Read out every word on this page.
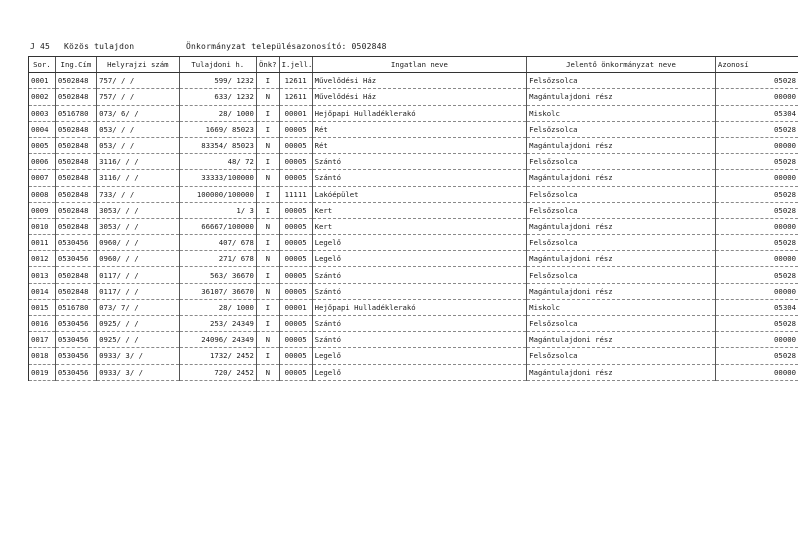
J 45

Közös tulajdon

	Önkormányzat településazonosító: 0502848

Sor.	Ing.Cím	Helyrajzi szám	Tulajdoni h.	Önk?	I.jell.	Ingatlan neve	Jelentő önkormányzat neve	Azonosí
0001	0502848	757/ / /	599/ 1232	I	12611	Művelődési Ház	Felsőzsolca	05028
0002	0502848	757/ / /	633/ 1232	N	12611	Művelődési Ház	Magántulajdoni rész	00000
0003	0516780	073/ 6/ /	28/ 1000	I	00001	Hejőpapi Hulladéklerakó	Miskolc	05304
0004	0502848	053/ / /	1669/ 85023	I	00005	Rét	Felsőzsolca	05028
0005	0502848	053/ / /	83354/ 85023	N	00005	Rét	Magántulajdoni rész	00000
0006	0502848	3116/ / /	48/ 72	I	00005	Szántó	Felsőzsolca	05028
0007	0502848	3116/ / /	33333/100000	N	00005	Szántó	Magántulajdoni rész	00000
0008	0502848	733/ / /	100000/100000	I	11111	Lakóépület	Felsőzsolca	05028
0009	0502848	3053/ / /	1/ 3	I	00005	Kert	Felsőzsolca	05028
0010	0502848	3053/ / /	66667/100000	N	00005	Kert	Magántulajdoni rész	00000
0011	0530456	0960/ / /	407/ 678	I	00005	Legelő	Felsőzsolca	05028
0012	0530456	0960/ / /	271/ 678	N	00005	Legelő	Magántulajdoni rész	00000
0013	0502848	0117/ / /	563/ 36670	I	00005	Szántó	Felsőzsolca	05028
0014	0502848	0117/ / /	36107/ 36670	N	00005	Szántó	Magántulajdoni rész	00000
0015	0516780	073/ 7/ /	28/ 1000	I	00001	Hejőpapi Hulladéklerakó	Miskolc	05304
0016	0530456	0925/ / /	253/ 24349	I	00005	Szántó	Felsőzsolca	05028
0017	0530456	0925/ / /	24096/ 24349	N	00005	Szántó	Magántulajdoni rész	00000
0018	0530456	0933/ 3/ /	1732/ 2452	I	00005	Legelő	Felsőzsolca	05028
0019	0530456	0933/ 3/ /	720/ 2452	N	00005	Legelő	Magántulajdoni rész	00000
